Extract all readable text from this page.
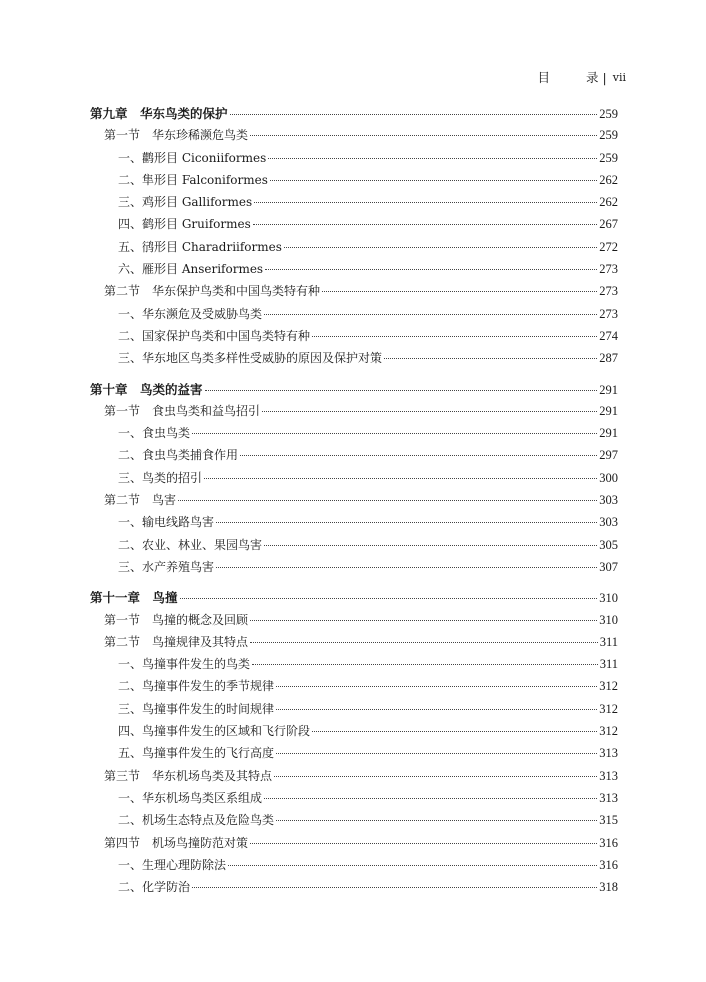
目	录 | vii
第九章　华东鸟类的保护	259
第一节　华东珍稀濒危鸟类	259
一、鹳形目 Ciconiiformes	259
二、隼形目 Falconiformes	262
三、鸡形目 Galliformes	262
四、鹤形目 Gruiformes	267
五、鸻形目 Charadriiformes	272
六、雁形目 Anseriformes	273
第二节　华东保护鸟类和中国鸟类特有种	273
一、华东濒危及受威胁鸟类	273
二、国家保护鸟类和中国鸟类特有种	274
三、华东地区鸟类多样性受威胁的原因及保护对策	287
第十章　鸟类的益害	291
第一节　食虫鸟类和益鸟招引	291
一、食虫鸟类	291
二、食虫鸟类捕食作用	297
三、鸟类的招引	300
第二节　鸟害	303
一、输电线路鸟害	303
二、农业、林业、果园鸟害	305
三、水产养殖鸟害	307
第十一章　鸟撞	310
第一节　鸟撞的概念及回顾	310
第二节　鸟撞规律及其特点	311
一、鸟撞事件发生的鸟类	311
二、鸟撞事件发生的季节规律	312
三、鸟撞事件发生的时间规律	312
四、鸟撞事件发生的区域和飞行阶段	312
五、鸟撞事件发生的飞行高度	313
第三节　华东机场鸟类及其特点	313
一、华东机场鸟类区系组成	313
二、机场生态特点及危险鸟类	315
第四节　机场鸟撞防范对策	316
一、生理心理防除法	316
二、化学防治	318
